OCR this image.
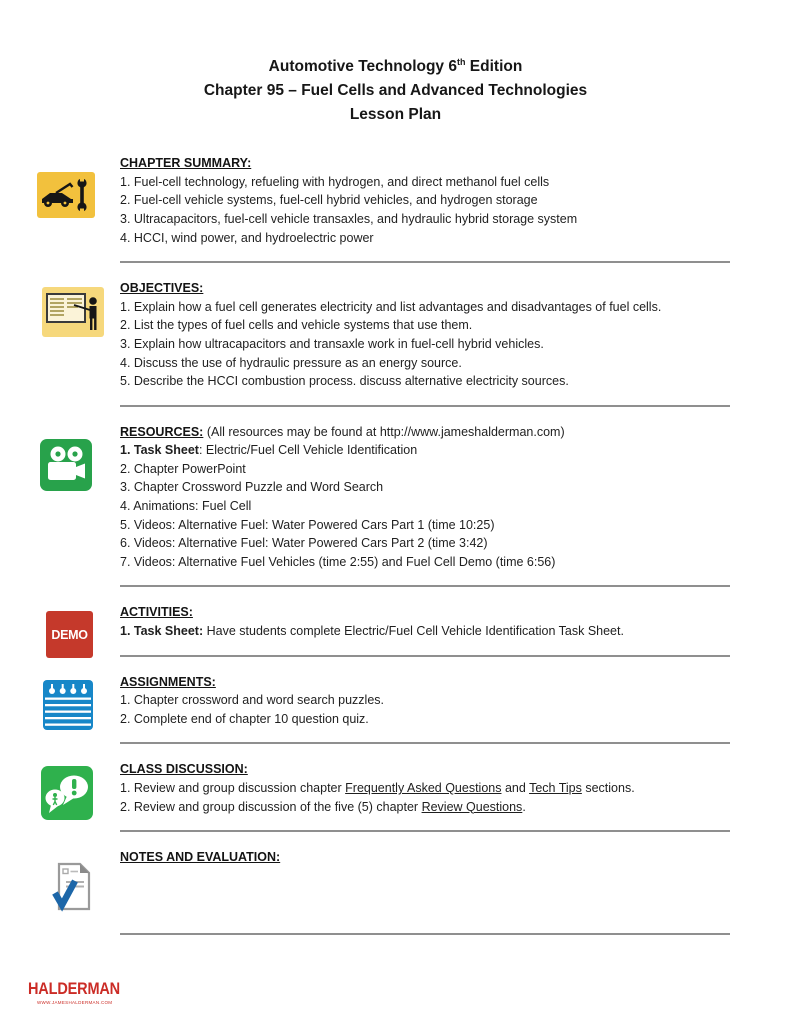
Automotive Technology 6th Edition
Chapter 95 – Fuel Cells and Advanced Technologies
Lesson Plan
CHAPTER SUMMARY:
1. Fuel-cell technology, refueling with hydrogen, and direct methanol fuel cells
2. Fuel-cell vehicle systems, fuel-cell hybrid vehicles, and hydrogen storage
3. Ultracapacitors, fuel-cell vehicle transaxles, and hydraulic hybrid storage system
4. HCCI, wind power, and hydroelectric power
OBJECTIVES:
1. Explain how a fuel cell generates electricity and list advantages and disadvantages of fuel cells.
2. List the types of fuel cells and vehicle systems that use them.
3. Explain how ultracapacitors and transaxle work in fuel-cell hybrid vehicles.
4. Discuss the use of hydraulic pressure as an energy source.
5. Describe the HCCI combustion process. discuss alternative electricity sources.
RESOURCES: (All resources may be found at http://www.jameshalderman.com)
1. Task Sheet: Electric/Fuel Cell Vehicle Identification
2. Chapter PowerPoint
3. Chapter Crossword Puzzle and Word Search
4. Animations: Fuel Cell
5. Videos: Alternative Fuel: Water Powered Cars Part 1 (time 10:25)
6. Videos: Alternative Fuel: Water Powered Cars Part 2 (time 3:42)
7. Videos: Alternative Fuel Vehicles (time 2:55) and Fuel Cell Demo (time 6:56)
DEMO
ACTIVITIES:
1. Task Sheet: Have students complete Electric/Fuel Cell Vehicle Identification Task Sheet.
ASSIGNMENTS:
1. Chapter crossword and word search puzzles.
2. Complete end of chapter 10 question quiz.
CLASS DISCUSSION:
1. Review and group discussion chapter Frequently Asked Questions and Tech Tips sections.
2. Review and group discussion of the five (5) chapter Review Questions.
NOTES AND EVALUATION:
HALDERMAN
WWW.JAMESHALDERMAN.COM
